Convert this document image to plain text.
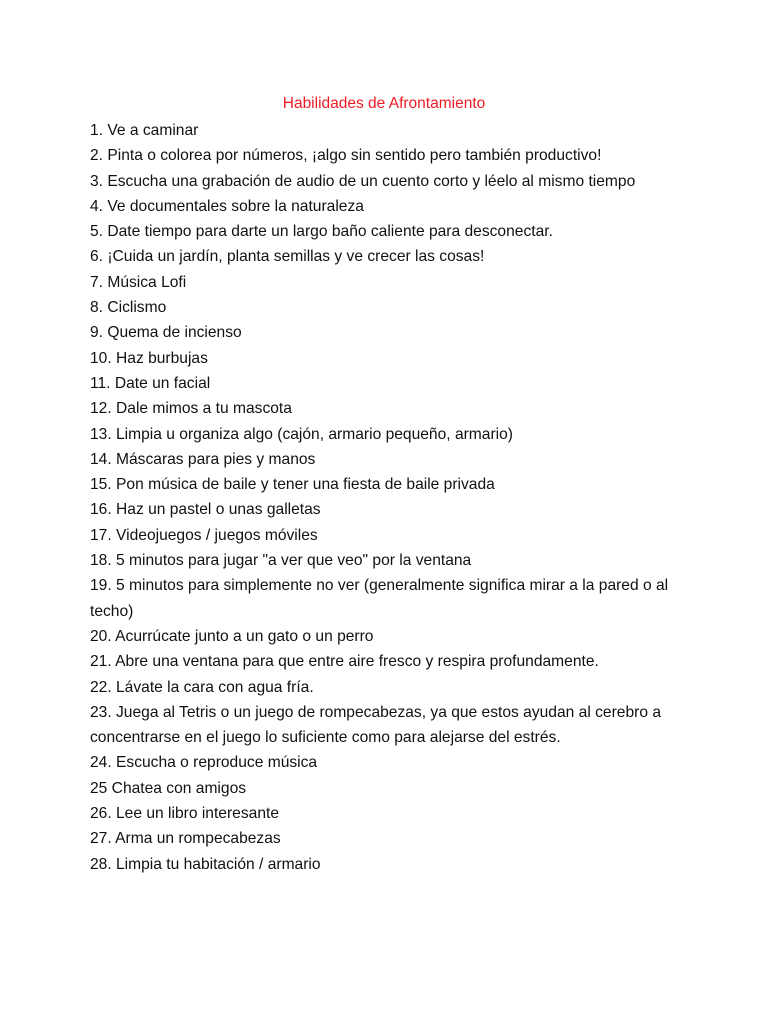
Habilidades de Afrontamiento
1. Ve a caminar
2. Pinta o colorea por números, ¡algo sin sentido pero también productivo!
3. Escucha una grabación de audio de un cuento corto y léelo al mismo tiempo
4. Ve documentales sobre la naturaleza
5. Date tiempo para darte un largo baño caliente para desconectar.
6. ¡Cuida un jardín, planta semillas y ve crecer las cosas!
7. Música Lofi
8. Ciclismo
9. Quema de incienso
10. Haz burbujas
11. Date un facial
12. Dale mimos a tu mascota
13. Limpia u organiza algo (cajón, armario pequeño, armario)
14. Máscaras para pies y manos
15. Pon música de baile y tener una fiesta de baile privada
16. Haz un pastel o unas galletas
17. Videojuegos / juegos móviles
18. 5 minutos para jugar "a ver que veo" por la ventana
19. 5 minutos para simplemente no ver (generalmente significa mirar a la pared o al techo)
20. Acurrúcate junto a un gato o un perro
21. Abre una ventana para que entre aire fresco y respira profundamente.
22. Lávate la cara con agua fría.
23. Juega al Tetris o un juego de rompecabezas, ya que estos ayudan al cerebro a concentrarse en el juego lo suficiente como para alejarse del estrés.
24. Escucha o reproduce música
25 Chatea con amigos
26. Lee un libro interesante
27. Arma un rompecabezas
28. Limpia tu habitación / armario
